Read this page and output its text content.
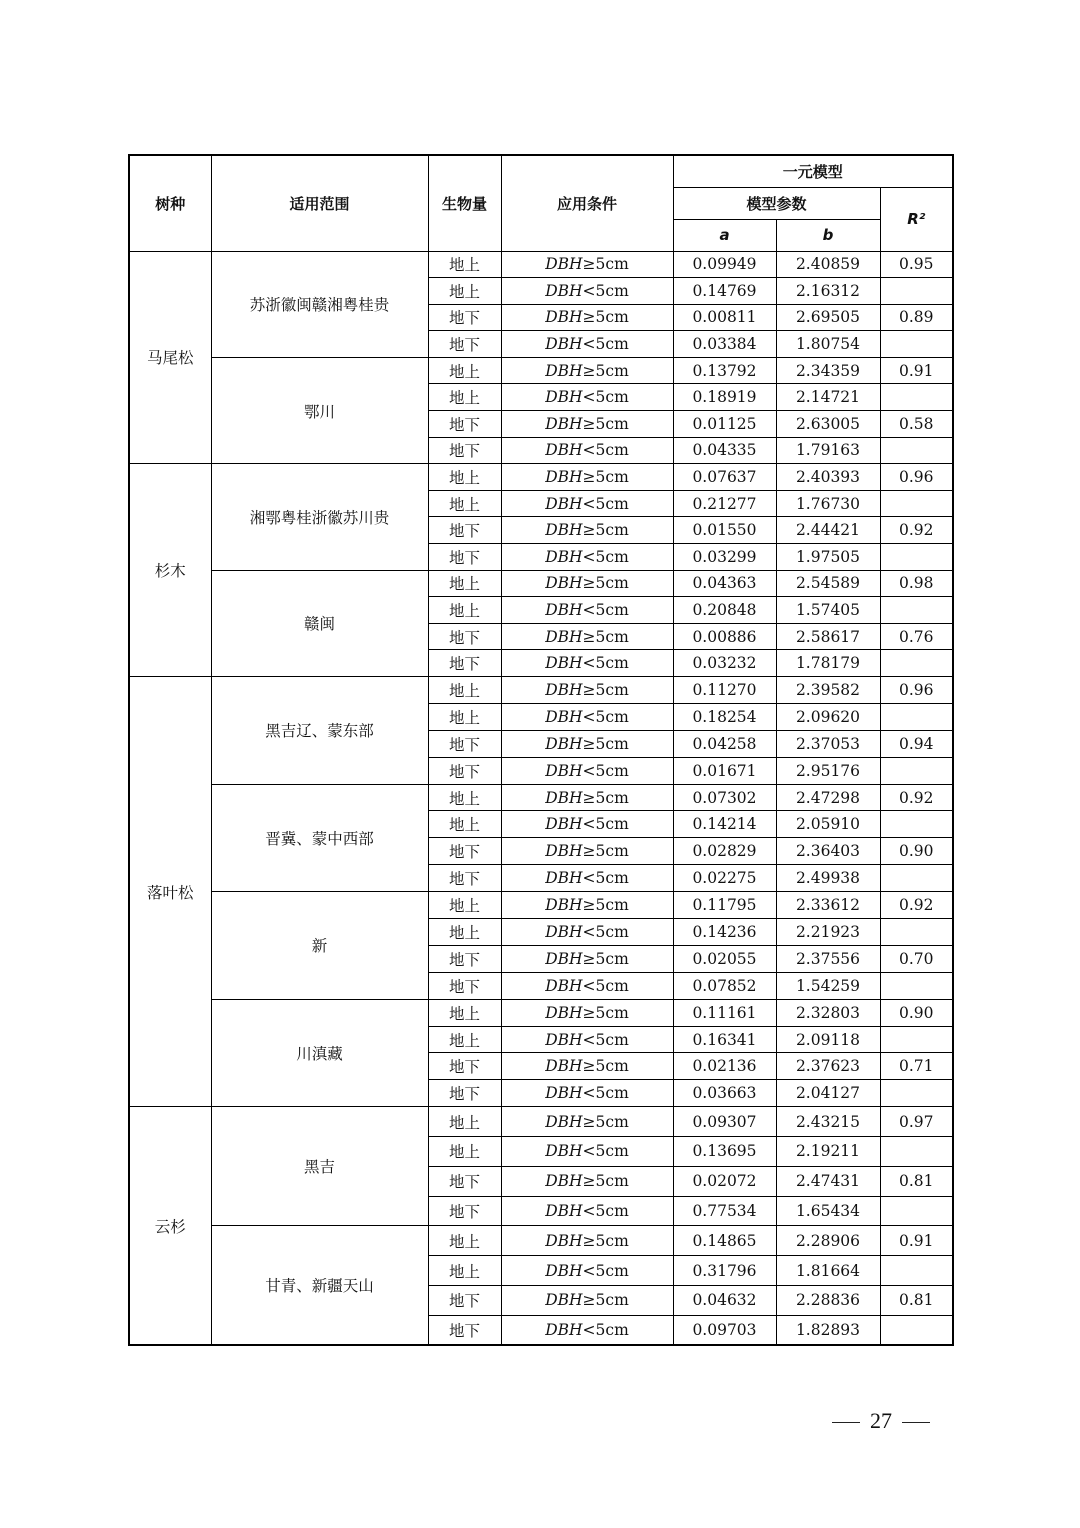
树种	适用范围	生物量	应用条件	一元模型		
				模型参数		R²
				a	b	
马尾松	苏浙徽闽赣湘粤桂贵	地上	DBH≥5cm	0.09949	2.40859	0.95
		地上	DBH<5cm	0.14769	2.16312	
		地下	DBH≥5cm	0.00811	2.69505	0.89
		地下	DBH<5cm	0.03384	1.80754	
	鄂川	地上	DBH≥5cm	0.13792	2.34359	0.91
		地上	DBH<5cm	0.18919	2.14721	
		地下	DBH≥5cm	0.01125	2.63005	0.58
		地下	DBH<5cm	0.04335	1.79163	
杉木	湘鄂粤桂浙徽苏川贵	地上	DBH≥5cm	0.07637	2.40393	0.96
		地上	DBH<5cm	0.21277	1.76730	
		地下	DBH≥5cm	0.01550	2.44421	0.92
		地下	DBH<5cm	0.03299	1.97505	
	赣闽	地上	DBH≥5cm	0.04363	2.54589	0.98
		地上	DBH<5cm	0.20848	1.57405	
		地下	DBH≥5cm	0.00886	2.58617	0.76
		地下	DBH<5cm	0.03232	1.78179	
落叶松	黑吉辽、蒙东部	地上	DBH≥5cm	0.11270	2.39582	0.96
		地上	DBH<5cm	0.18254	2.09620	
		地下	DBH≥5cm	0.04258	2.37053	0.94
		地下	DBH<5cm	0.01671	2.95176	
	晋冀、蒙中西部	地上	DBH≥5cm	0.07302	2.47298	0.92
		地上	DBH<5cm	0.14214	2.05910	
		地下	DBH≥5cm	0.02829	2.36403	0.90
		地下	DBH<5cm	0.02275	2.49938	
	新	地上	DBH≥5cm	0.11795	2.33612	0.92
		地上	DBH<5cm	0.14236	2.21923	
		地下	DBH≥5cm	0.02055	2.37556	0.70
		地下	DBH<5cm	0.07852	1.54259	
	川滇藏	地上	DBH≥5cm	0.11161	2.32803	0.90
		地上	DBH<5cm	0.16341	2.09118	
		地下	DBH≥5cm	0.02136	2.37623	0.71
		地下	DBH<5cm	0.03663	2.04127	
云杉	黑吉	地上	DBH≥5cm	0.09307	2.43215	0.97
		地上	DBH<5cm	0.13695	2.19211	
		地下	DBH≥5cm	0.02072	2.47431	0.81
		地下	DBH<5cm	0.77534	1.65434	
	甘青、新疆天山	地上	DBH≥5cm	0.14865	2.28906	0.91
		地上	DBH<5cm	0.31796	1.81664	
		地下	DBH≥5cm	0.04632	2.28836	0.81
		地下	DBH<5cm	0.09703	1.82893	
27
